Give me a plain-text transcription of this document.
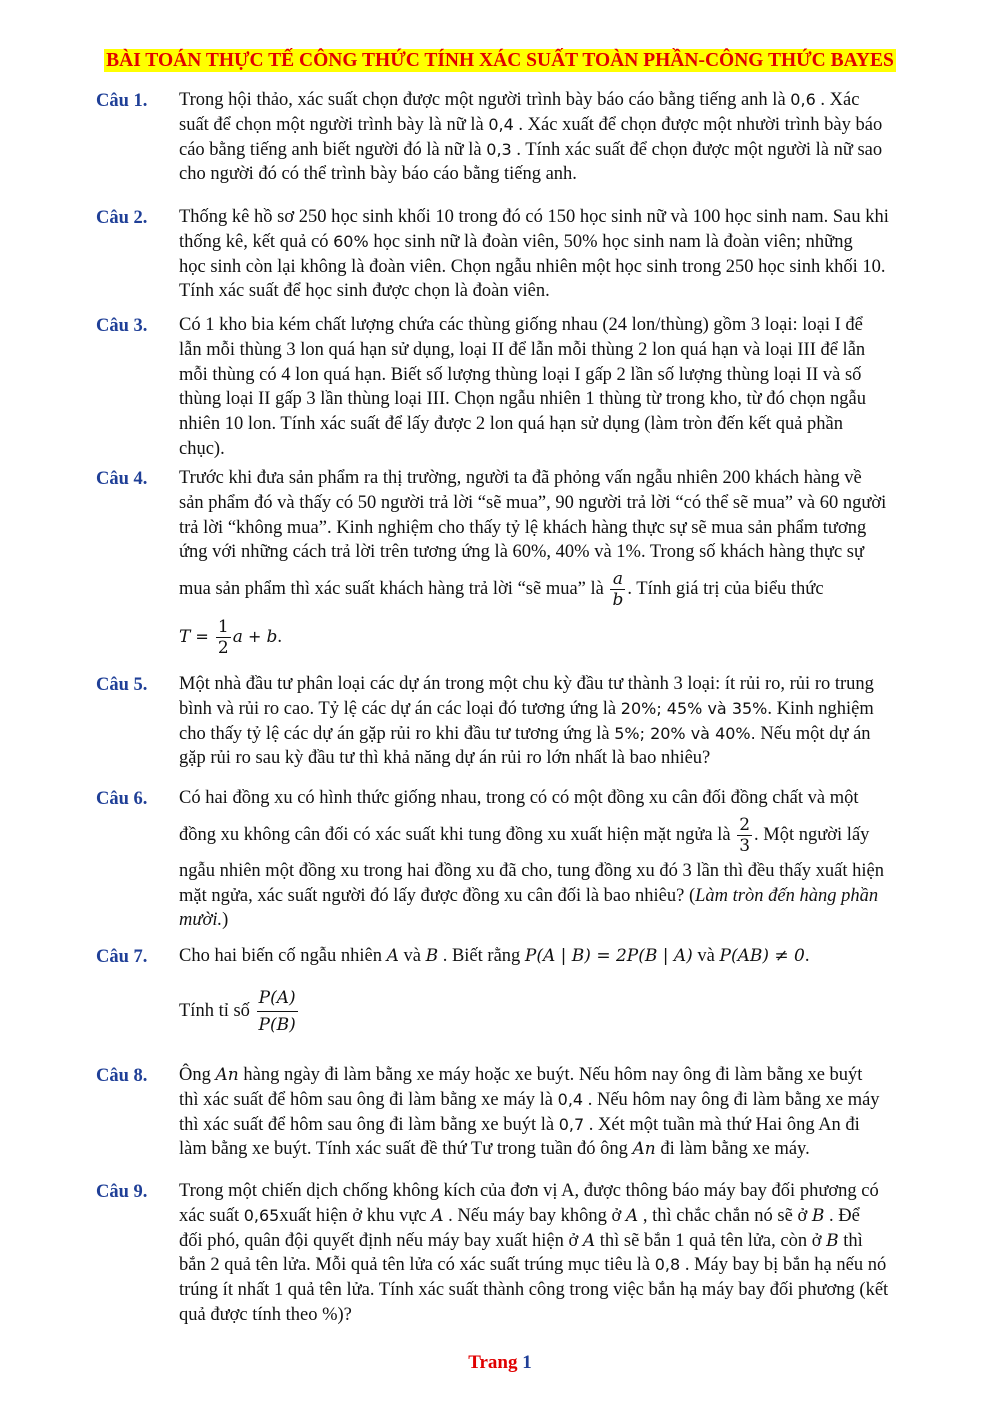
BÀI TOÁN THỰC TẾ CÔNG THỨC TÍNH XÁC SUẤT TOÀN PHẦN-CÔNG THỨC BAYES
Câu 1. Trong hội thảo, xác suất chọn được một người trình bày báo cáo bằng tiếng anh là 0,6 . Xác
suất để chọn một người trình bày là nữ là 0,4 . Xác xuất để chọn được một nhười trình bày báo
cáo bằng tiếng anh biết người đó là nữ là 0,3 . Tính xác suất để chọn được một người là nữ sao
cho người đó có thể trình bày báo cáo bằng tiếng anh.
Câu 2. Thống kê hồ sơ 250 học sinh khối 10 trong đó có 150 học sinh nữ và 100 học sinh nam. Sau khi
thống kê, kết quả có 60% học sinh nữ là đoàn viên, 50% học sinh nam là đoàn viên; những
học sinh còn lại không là đoàn viên. Chọn ngẫu nhiên một học sinh trong 250 học sinh khối 10.
Tính xác suất để học sinh được chọn là đoàn viên.
Câu 3. Có 1 kho bia kém chất lượng chứa các thùng giống nhau (24 lon/thùng) gồm 3 loại: loại I để
lẫn mỗi thùng 3 lon quá hạn sử dụng, loại II để lẫn mỗi thùng 2 lon quá hạn và loại III để lẫn
mỗi thùng có 4 lon quá hạn. Biết số lượng thùng loại I gấp 2 lần số lượng thùng loại II và số
thùng loại II gấp 3 lần thùng loại III. Chọn ngẫu nhiên 1 thùng từ trong kho, từ đó chọn ngẫu
nhiên 10 lon. Tính xác suất để lấy được 2 lon quá hạn sử dụng (làm tròn đến kết quả phần
chục).
Câu 4. Trước khi đưa sản phẩm ra thị trường, người ta đã phỏng vấn ngẫu nhiên 200 khách hàng về
sản phẩm đó và thấy có 50 người trả lời “sẽ mua”, 90 người trả lời “có thể sẽ mua” và 60 người
trả lời “không mua”. Kinh nghiệm cho thấy tỷ lệ khách hàng thực sự sẽ mua sản phẩm tương
ứng với những cách trả lời trên tương ứng là 60%, 40% và 1%. Trong số khách hàng thực sự
mua sản phẩm thì xác suất khách hàng trả lời “sẽ mua” là $\frac{a}{b}$ . Tính giá trị của biểu thức
$T = \frac{1}{2}$ a + b.
Câu 5. Một nhà đầu tư phân loại các dự án trong một chu kỳ đầu tư thành 3 loại: ít rủi ro, rủi ro trung
bình và rủi ro cao. Tỷ lệ các dự án các loại đó tương ứng là 20%; 45% và 35%. Kinh nghiệm
cho thấy tỷ lệ các dự án gặp rủi ro khi đầu tư tương ứng là 5%; 20% và 40%. Nếu một dự án
gặp rủi ro sau kỳ đầu tư thì khả năng dự án rủi ro lớn nhất là bao nhiêu?
Câu 6. Có hai đồng xu có hình thức giống nhau, trong có có một đồng xu cân đối đồng chất và một
đồng xu không cân đối có xác suất khi tung đồng xu xuất hiện mặt ngửa là $\frac{2}{3}$ . Một người lấy
ngẫu nhiên một đồng xu trong hai đồng xu đã cho, tung đồng xu đó 3 lần thì đều thấy xuất hiện
mặt ngửa, xác suất người đó lấy được đồng xu cân đối là bao nhiêu? (Làm tròn đến hàng phần
mười.)
Câu 7. Cho hai biến cố ngẫu nhiên A và B . Biết rằng P(A | B) = 2P(B | A) và P(AB) ≠ 0.
Tính tỉ số $\frac{P(A)}{P(B)}$
Câu 8. Ông An hàng ngày đi làm bằng xe máy hoặc xe buýt. Nếu hôm nay ông đi làm bằng xe buýt
thì xác suất để hôm sau ông đi làm bằng xe máy là 0,4 . Nếu hôm nay ông đi làm bằng xe máy
thì xác suất để hôm sau ông đi làm bằng xe buýt là 0,7 . Xét một tuần mà thứ Hai ông An đi
làm bằng xe buýt. Tính xác suất đề thứ Tư trong tuần đó ông An đi làm bằng xe máy.
Câu 9. Trong một chiến dịch chống không kích của đơn vị A, được thông báo máy bay đối phương có
xác suất 0,65xuất hiện ở khu vực A . Nếu máy bay không ở A , thì chắc chắn nó sẽ ở B . Để
đối phó, quân đội quyết định nếu máy bay xuất hiện ở A thì sẽ bắn 1 quả tên lửa, còn ở B thì
bắn 2 quả tên lửa. Mỗi quả tên lửa có xác suất trúng mục tiêu là 0,8 . Máy bay bị bắn hạ nếu nó
trúng ít nhất 1 quả tên lửa. Tính xác suất thành công trong việc bắn hạ máy bay đối phương (kết
quả được tính theo %)?
Trang 1
